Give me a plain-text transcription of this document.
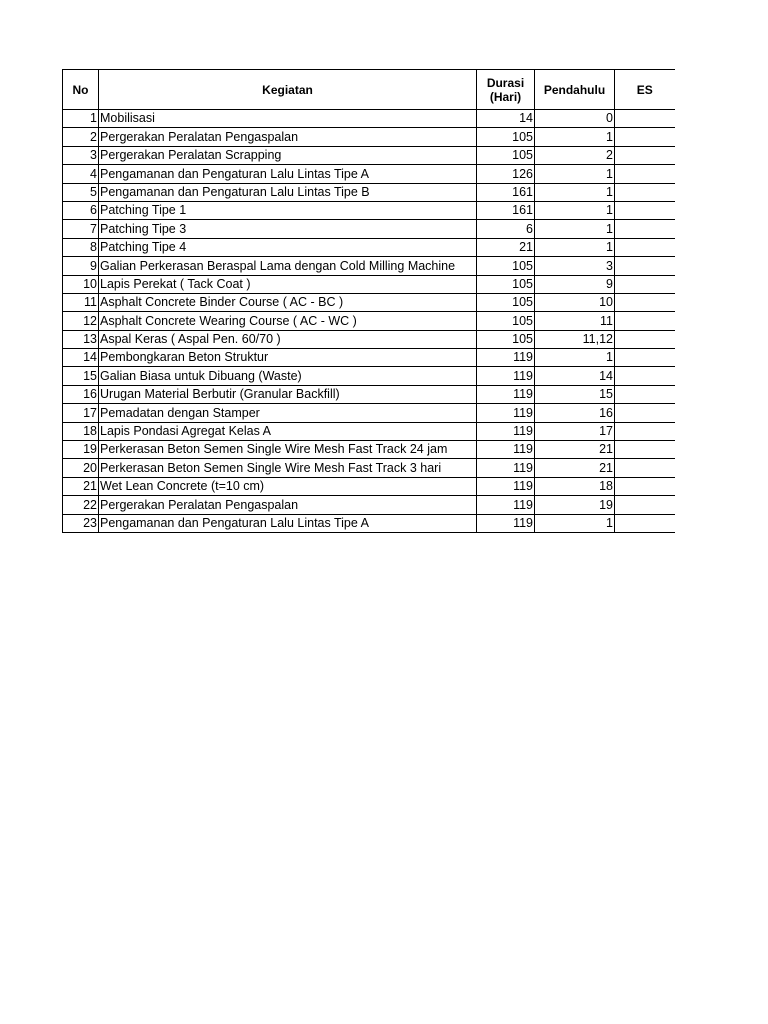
No	Kegiatan	Durasi (Hari)	Pendahulu	ES
1	Mobilisasi	14	0	
2	Pergerakan Peralatan Pengaspalan	105	1	
3	Pergerakan Peralatan Scrapping	105	2	
4	Pengamanan dan Pengaturan Lalu Lintas Tipe A	126	1	
5	Pengamanan dan Pengaturan Lalu Lintas Tipe B	161	1	
6	Patching Tipe 1	161	1	
7	Patching Tipe 3	6	1	
8	Patching Tipe 4	21	1	
9	Galian Perkerasan Beraspal Lama dengan Cold Milling Machine	105	3	
10	Lapis Perekat ( Tack Coat )	105	9	
11	Asphalt Concrete Binder Course ( AC - BC )	105	10	
12	Asphalt Concrete Wearing Course ( AC - WC )	105	11	
13	Aspal Keras ( Aspal Pen. 60/70 )	105	11,12	
14	Pembongkaran Beton Struktur	119	1	
15	Galian Biasa untuk Dibuang (Waste)	119	14	
16	Urugan Material Berbutir (Granular Backfill)	119	15	
17	Pemadatan dengan Stamper	119	16	
18	Lapis Pondasi Agregat Kelas A	119	17	
19	Perkerasan Beton Semen Single Wire Mesh Fast Track 24 jam	119	21	
20	Perkerasan Beton Semen Single Wire Mesh Fast Track 3 hari	119	21	
21	Wet Lean Concrete (t=10 cm)	119	18	
22	Pergerakan Peralatan Pengaspalan	119	19	
23	Pengamanan dan Pengaturan Lalu Lintas Tipe A	119	1	
